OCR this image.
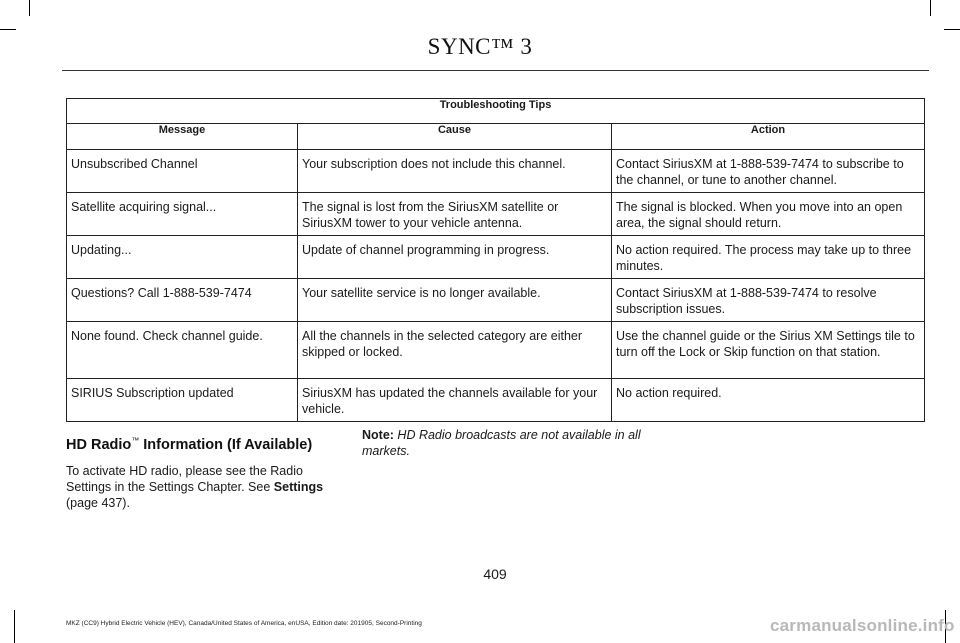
SYNC™ 3
Troubleshooting Tips		
Message	Cause	Action
Unsubscribed Channel	Your subscription does not include this channel.	Contact SiriusXM at 1-888-539-7474 to subscribe to the channel, or tune to another channel.
Satellite acquiring signal...	The signal is lost from the SiriusXM satellite or SiriusXM tower to your vehicle antenna.	The signal is blocked. When you move into an open area, the signal should return.
Updating...	Update of channel programming in progress.	No action required. The process may take up to three minutes.
Questions? Call 1-888-539-7474	Your satellite service is no longer available.	Contact SiriusXM at 1-888-539-7474 to resolve subscription issues.
None found. Check channel guide.	All the channels in the selected category are either skipped or locked.	Use the channel guide or the Sirius XM Settings tile to turn off the Lock or Skip function on that station.
SIRIUS Subscription updated	SiriusXM has updated the channels available for your vehicle.	No action required.
HD Radio™ Information (If Available)
To activate HD radio, please see the Radio Settings in the Settings Chapter. See Settings (page 437).
Note: HD Radio broadcasts are not available in all markets.
409
MKZ (CC9) Hybrid Electric Vehicle (HEV), Canada/United States of America, enUSA, Edition date: 201905, Second-Printing	carmanualsonline.info
